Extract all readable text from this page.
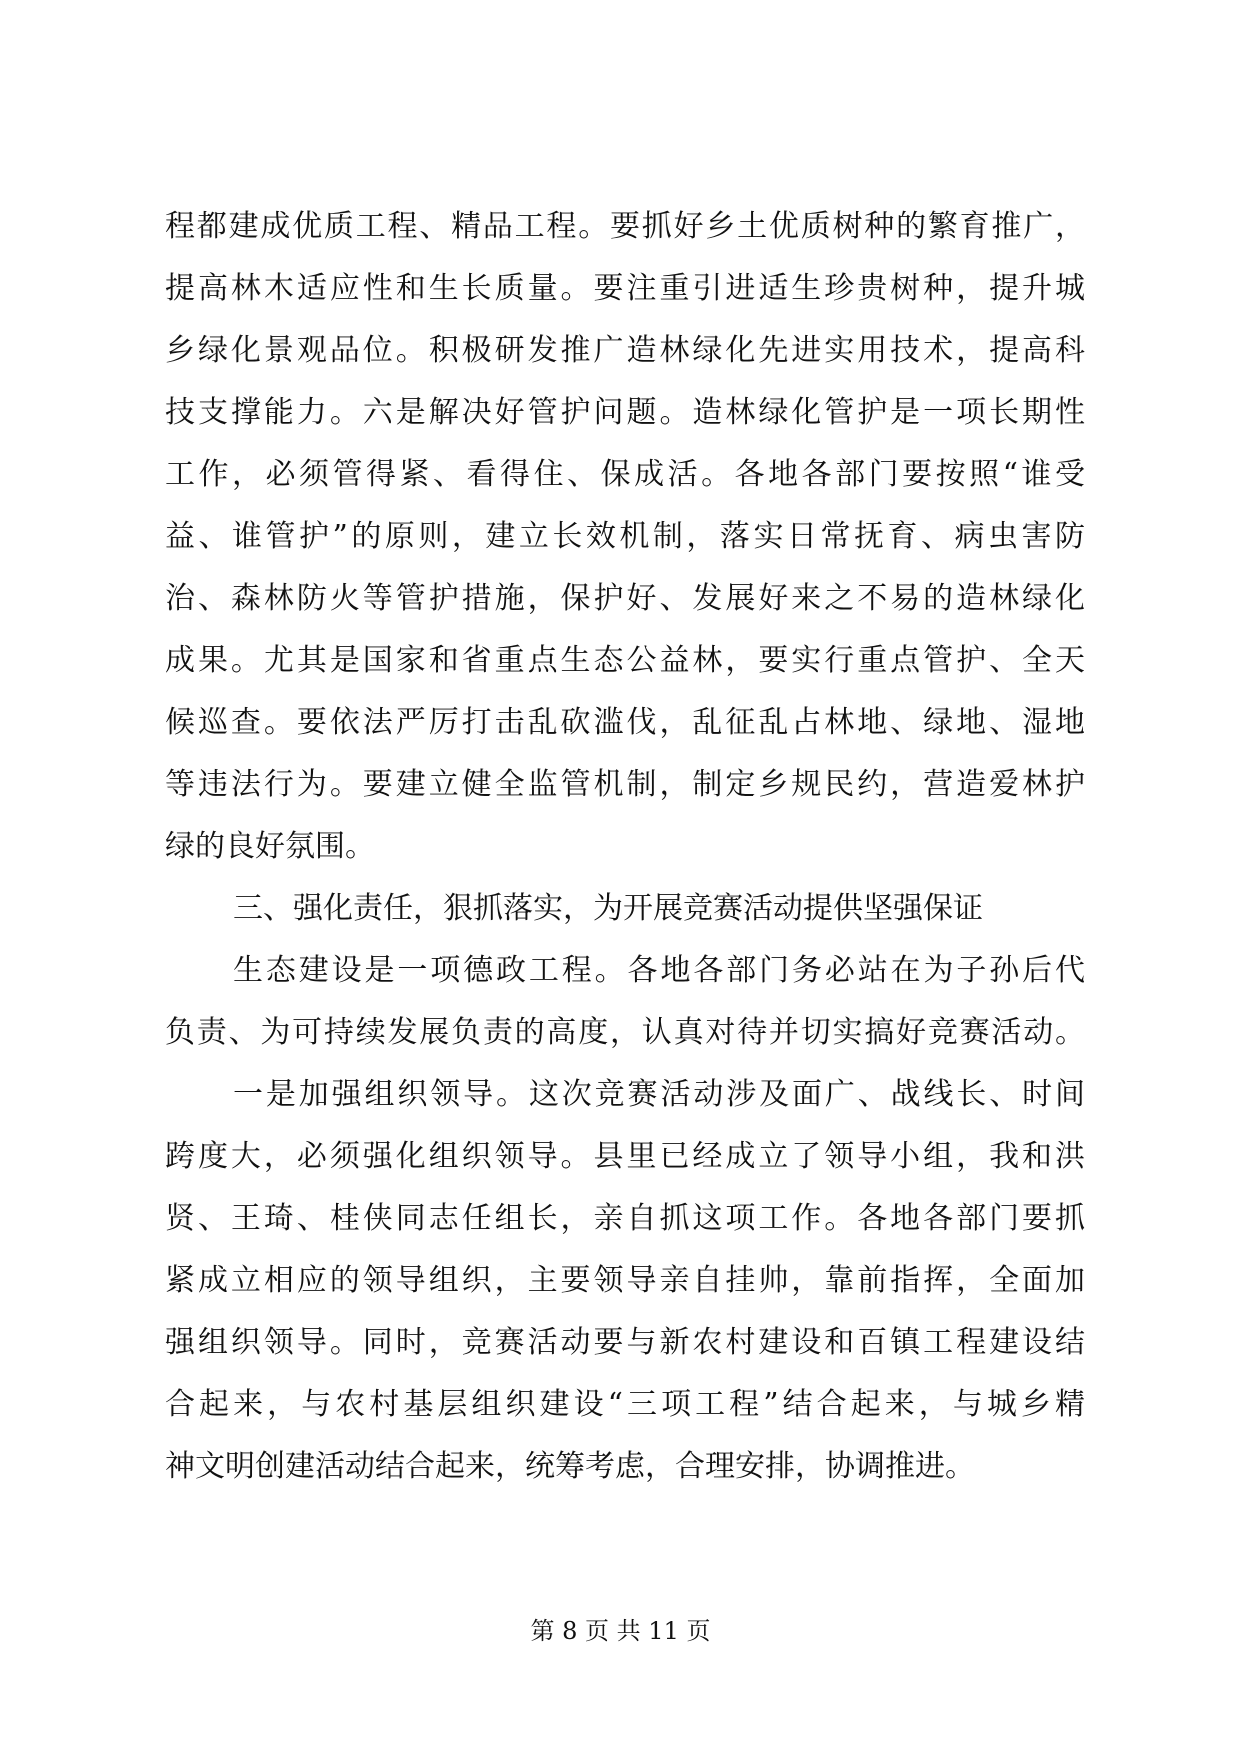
程都建成优质工程、精品工程。要抓好乡土优质树种的繁育推广，
提高林木适应性和生长质量。要注重引进适生珍贵树种，提升城
乡绿化景观品位。积极研发推广造林绿化先进实用技术，提高科
技支撑能力。六是解决好管护问题。造林绿化管护是一项长期性
工作，必须管得紧、看得住、保成活。各地各部门要按照“谁受
益、谁管护”的原则，建立长效机制，落实日常抚育、病虫害防
治、森林防火等管护措施，保护好、发展好来之不易的造林绿化
成果。尤其是国家和省重点生态公益林，要实行重点管护、全天
候巡查。要依法严厉打击乱砍滥伐，乱征乱占林地、绿地、湿地
等违法行为。要建立健全监管机制，制定乡规民约，营造爱林护
绿的良好氛围。
三、强化责任，狠抓落实，为开展竞赛活动提供坚强保证
生态建设是一项德政工程。各地各部门务必站在为子孙后代
负责、为可持续发展负责的高度，认真对待并切实搞好竞赛活动。
一是加强组织领导。这次竞赛活动涉及面广、战线长、时间
跨度大，必须强化组织领导。县里已经成立了领导小组，我和洪
贤、王琦、桂侠同志任组长，亲自抓这项工作。各地各部门要抓
紧成立相应的领导组织，主要领导亲自挂帅，靠前指挥，全面加
强组织领导。同时，竞赛活动要与新农村建设和百镇工程建设结
合起来，与农村基层组织建设“三项工程”结合起来，与城乡精
神文明创建活动结合起来，统筹考虑，合理安排，协调推进。
第 8 页 共 11 页
